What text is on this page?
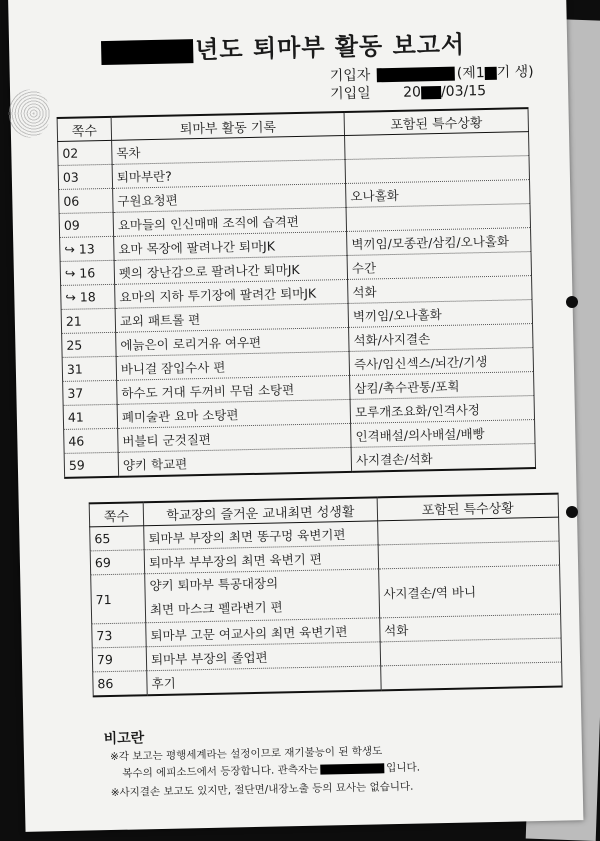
년도 퇴마부 활동 보고서
기입자	(제1 기 생)
기입일 20 /03/15
쪽수	퇴마부 활동 기록	포함된 특수상황
02	목차	
03	퇴마부란?	
06	구원요청편	오나홀화
09	요마들의 인신매매 조직에 습격편	
↪ 13	요마 목장에 팔려나간 퇴마JK	벽끼임/모종관/삼킴/오나홀화
↪ 16	펫의 장난감으로 팔려나간 퇴마JK	수간
↪ 18	요마의 지하 투기장에 팔려간 퇴마JK	석화
21	교외 패트롤 편	벽끼임/오나홀화
25	에늙은이 로리거유 여우편	석화/사지결손
31	바니걸 잠입수사 편	즉사/임신섹스/뇌간/기생
37	하수도 거대 두꺼비 무덤 소탕편	삼킴/촉수관통/포획
41	폐미술관 요마 소탕편	모루개조요화/인격사정
46	버블티 군것질편	인격배설/의사배설/배빵
59	양키 학교편	사지결손/석화
쪽수	학교장의 즐거운 교내최면 성생활	포함된 특수상황
65	퇴마부 부장의 최면 똥구멍 육변기편	
69	퇴마부 부부장의 최면 육변기 편	
71	양키 퇴마부 특공대장의
최면 마스크 펠라변기 편	사지결손/역 바니
73	퇴마부 고문 여교사의 최면 육변기편	석화
79	퇴마부 부장의 졸업편	
86	후기	
비고란
※각 보고는 평행세계라는 설정이므로 재기불능이 된 학생도
복수의 에피소드에서 등장합니다. 관측자는	입니다.
※사지결손 보고도 있지만, 절단면/내장노출 등의 묘사는 없습니다.
